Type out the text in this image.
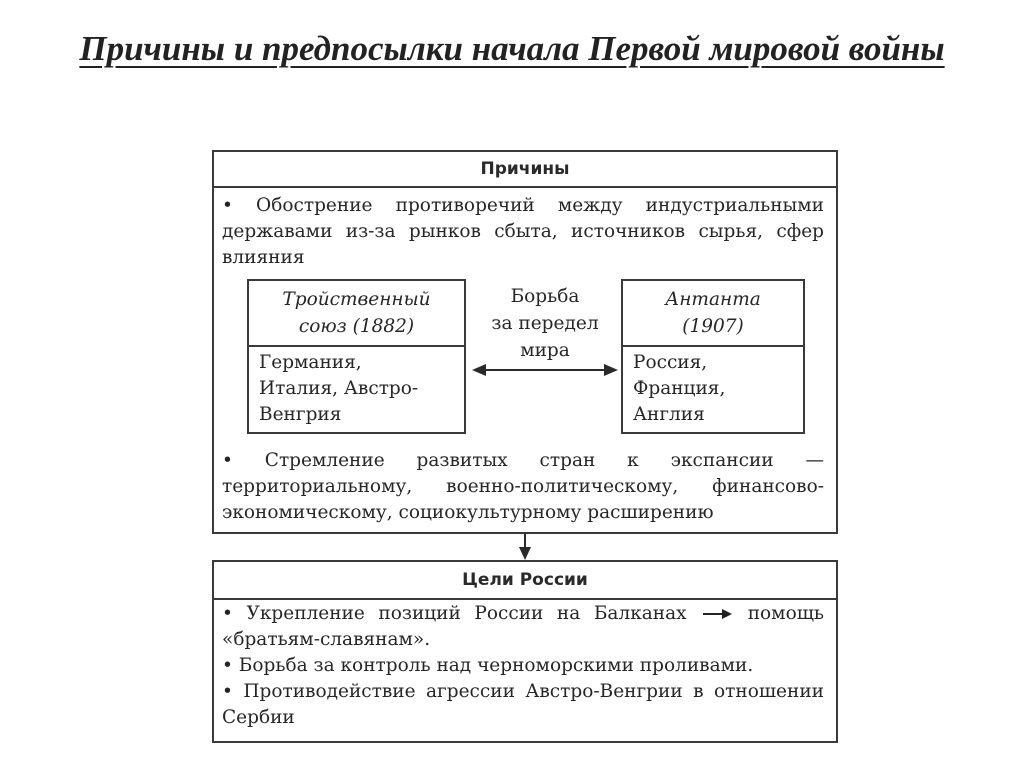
Причины и предпосылки начала Первой мировой войны
Причины
• Обострение противоречий между индустриальными державами из-за рынков сбыта, источников сырья, сфер влияния
Тройственный
союз (1882)
Германия,
Италия, Австро-
Венгрия
Борьба
за передел
мира
Антанта
(1907)
Россия,
Франция,
Англия
• Стремление развитых стран к экспансии — территориальному, военно-политическому, финансово-экономическому, социокультурному расширению
Цели России
• Укрепление позиций России на Балканах	помощь «братьям-славянам».
• Борьба за контроль над черноморскими проливами.
• Противодействие агрессии Австро-Венгрии в отношении Сербии
